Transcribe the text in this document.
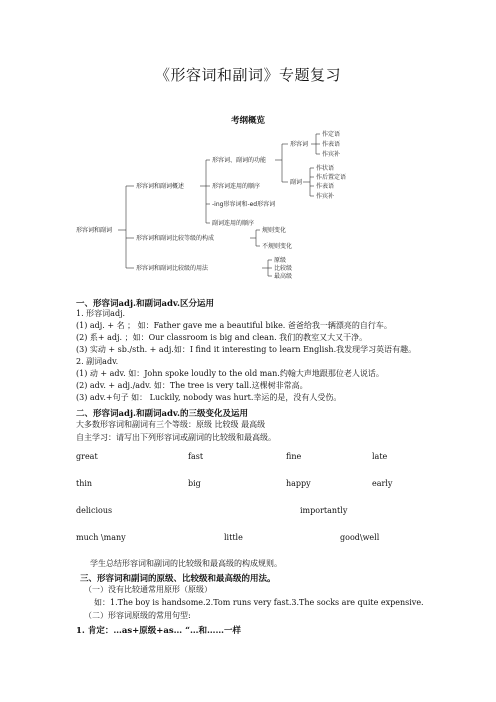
《形容词和副词》专题复习
考纲概览
形容词和副词
形容词和副词概述
形容词和副词比较等级的构成
形容词和副词比较级的用法
形容词、副词的功能
形容词连用的顺序
-ing形容词和-ed形容词
副词连用的顺序
形容词
副词
作定语
作表语
作宾补
作状语
作后置定语
作表语
作宾补
规则变化
不规则变化
原级
比较级
最高级
一、形容词adj.和副词adv.区分运用
1. 形容词adj.
(1) adj. + 名 ； 如：Father gave me a beautiful bike. 爸爸给我一辆漂亮的自行车。
(2) 系+ adj. ；如：Our classroom is big and clean. 我们的教室又大又干净。
(3) 实动 + sb./sth. + adj.如：I find it interesting to learn English.我发现学习英语有趣。
2. 副词adv.
(1) 动 + adv. 如：John spoke loudly to the old man.约翰大声地跟那位老人说话。
(2) adv. + adj./adv. 如：The tree is very tall.这棵树非常高。
(3) adv.+句子 如： Luckily, nobody was hurt.幸运的是，没有人受伤。
二、形容词adj.和副词adv.的三级变化及运用
大多数形容词和副词有三个等级：原级 比较级 最高级
自主学习：请写出下列形容词或副词的比较级和最高级。
great	fast	fine	late
thin	big	happy	early
delicious	importantly
much \many	little	good\well
学生总结形容词和副词的比较级和最高级的构成规则。
三、形容词和副词的原级、比较级和最高级的用法。
（一）没有比较通常用原形（原级）
如：1.The boy is handsome.2.Tom runs very fast.3.The socks are quite expensive.
（二）形容词原级的常用句型:
1. 肯定：…as+原级+as… “…和……一样
